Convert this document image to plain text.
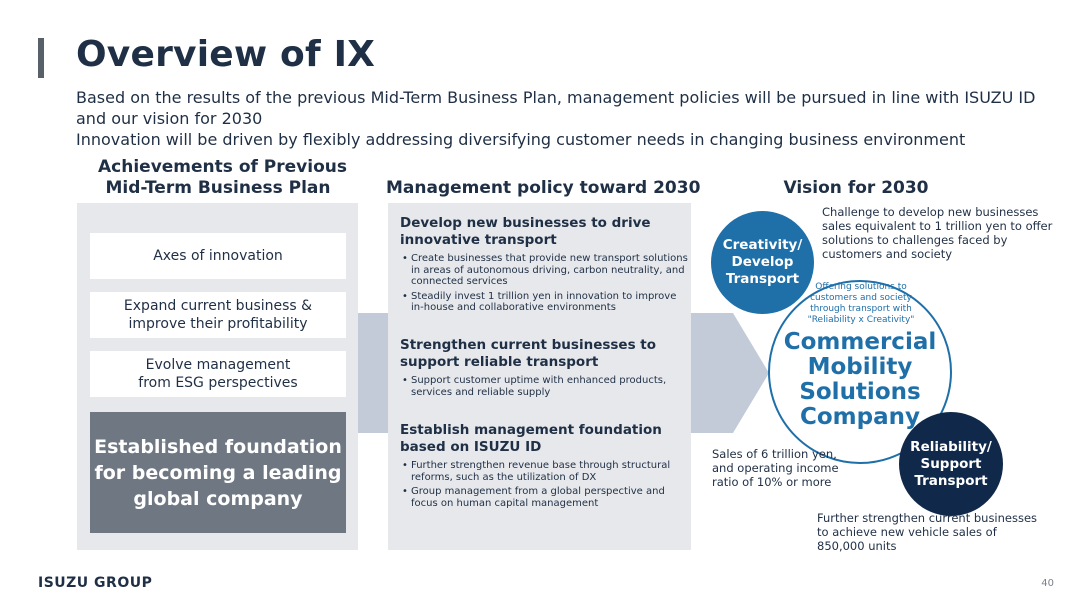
Overview of IX
Based on the results of the previous Mid-Term Business Plan, management policies will be pursued in line with ISUZU ID and our vision for 2030
Innovation will be driven by flexibly addressing diversifying customer needs in changing business environment
Achievements of Previous
Mid-Term Business Plan	Management policy toward 2030	Vision for 2030
Axes of innovation
Expand current business &
improve their profitability
Evolve management
from ESG perspectives
Established foundation
for becoming a leading
global company
Develop new businesses to drive innovative transport
• Create businesses that provide new transport solutions in areas of autonomous driving, carbon neutrality, and connected services
• Steadily invest 1 trillion yen in innovation to improve in-house and collaborative environments
Strengthen current businesses to support reliable transport
• Support customer uptime with enhanced products, services and reliable supply
Establish management foundation based on ISUZU ID
• Further strengthen revenue base through structural reforms, such as the utilization of DX
• Group management from a global perspective and focus on human capital management
Challenge to develop new businesses sales equivalent to 1 trillion yen to offer solutions to challenges faced by customers and society
Creativity/
Develop
Transport	Offering solutions to customers and society through transport with "Reliability x Creativity"
Commercial
Mobility
Solutions
Company
Sales of 6 trillion yen, and operating income ratio of 10% or more
Reliability/
Support
Transport
Further strengthen current businesses to achieve new vehicle sales of 850,000 units
ISUZU GROUP	40
